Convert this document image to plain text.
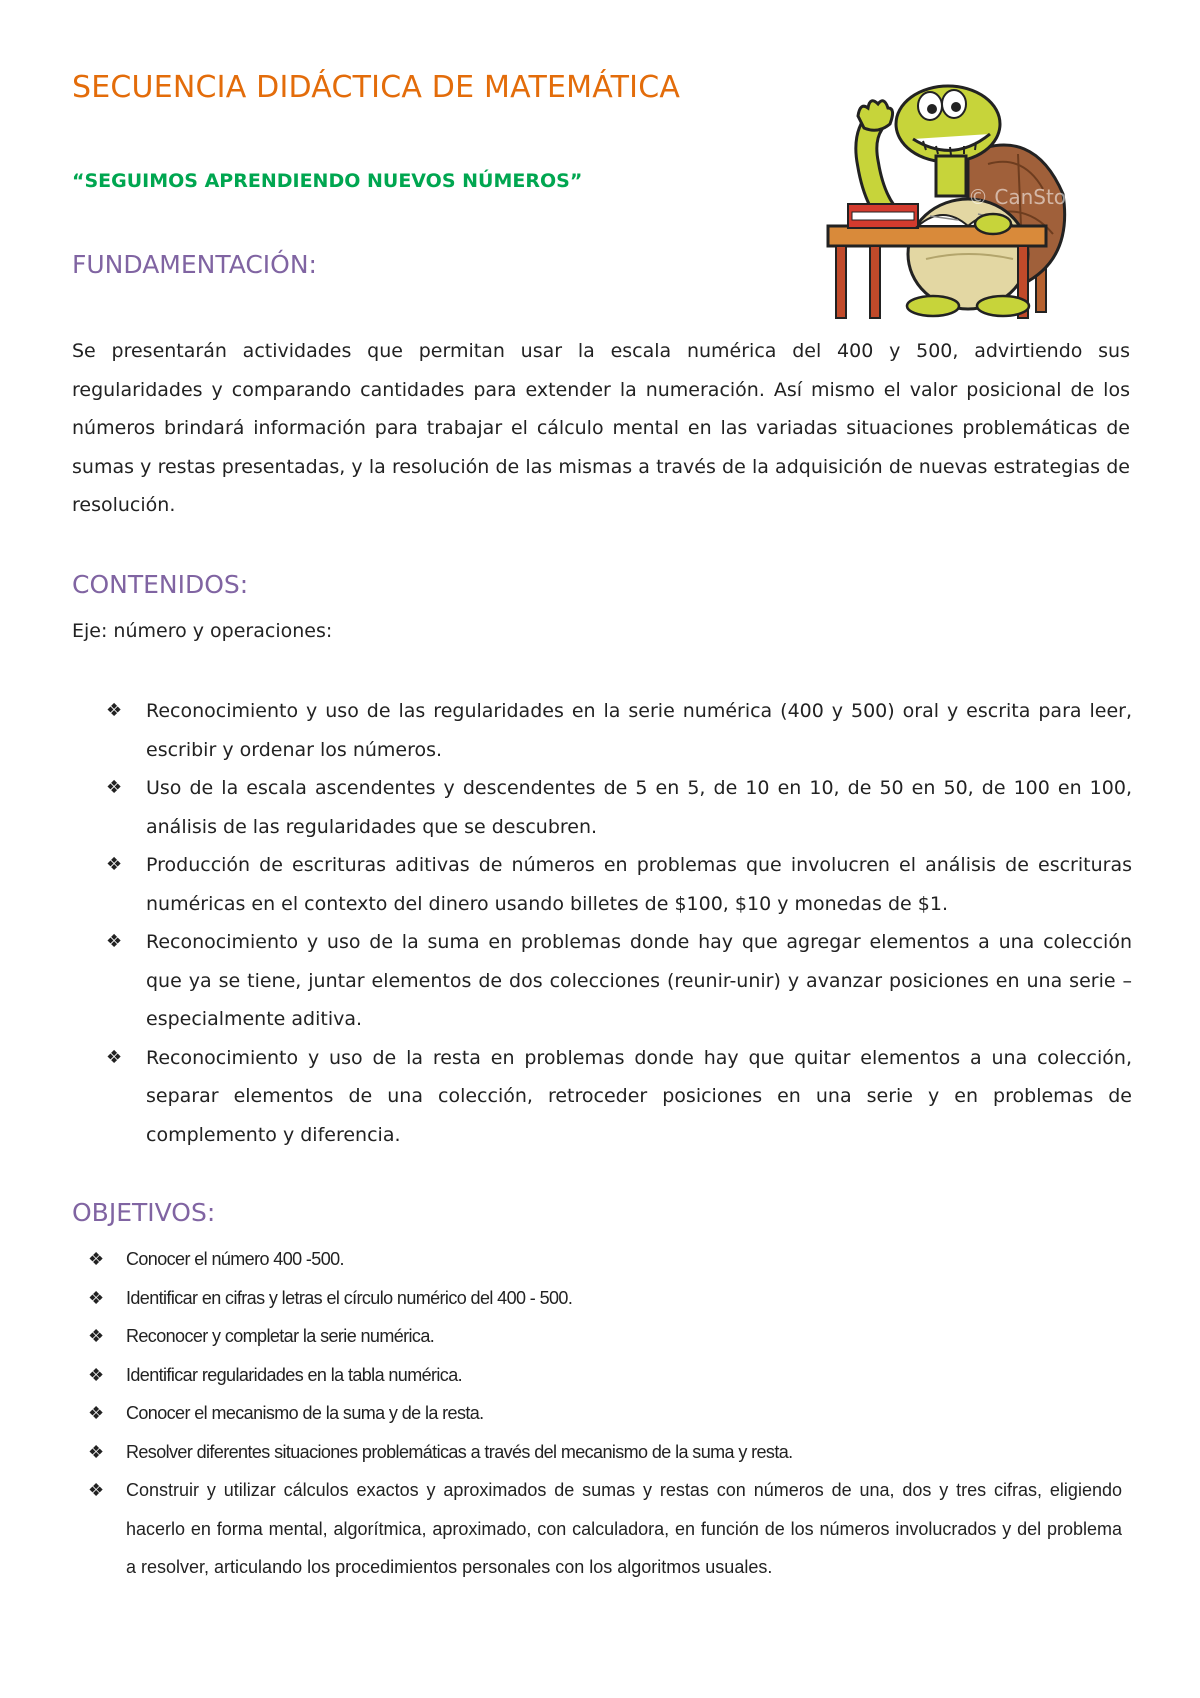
SECUENCIA DIDÁCTICA DE MATEMÁTICA
“SEGUIMOS APRENDIENDO NUEVOS NÚMEROS”
© CanStock
FUNDAMENTACIÓN:
Se presentarán actividades que permitan usar la escala numérica del 400 y 500, advirtiendo sus regularidades y comparando cantidades para extender la numeración. Así mismo el valor posicional de los números brindará información para trabajar el cálculo mental en las variadas situaciones problemáticas de sumas y restas presentadas, y la resolución de las mismas a través de la adquisición de nuevas estrategias de resolución.
CONTENIDOS:
Eje: número y operaciones:
❖ Reconocimiento y uso de las regularidades en la serie numérica (400 y 500) oral y escrita para leer, escribir y ordenar los números.
❖ Uso de la escala ascendentes y descendentes de 5 en 5, de 10 en 10, de 50 en 50, de 100 en 100, análisis de las regularidades que se descubren.
❖ Producción de escrituras aditivas de números en problemas que involucren el análisis de escrituras numéricas en el contexto del dinero usando billetes de $100, $10 y monedas de $1.
❖ Reconocimiento y uso de la suma en problemas donde hay que agregar elementos a una colección que ya se tiene, juntar elementos de dos colecciones (reunir-unir) y avanzar posiciones en una serie – especialmente aditiva.
❖ Reconocimiento y uso de la resta en problemas donde hay que quitar elementos a una colección, separar elementos de una colección, retroceder posiciones en una serie y en problemas de complemento y diferencia.
OBJETIVOS:
❖ Conocer el número 400 -500.
❖ Identificar en cifras y letras el círculo numérico del 400 - 500.
❖ Reconocer y completar la serie numérica.
❖ Identificar regularidades en la tabla numérica.
❖ Conocer el mecanismo de la suma y de la resta.
❖ Resolver diferentes situaciones problemáticas a través del mecanismo de la suma y resta.
❖ Construir y utilizar cálculos exactos y aproximados de sumas y restas con números de una, dos y tres cifras, eligiendo hacerlo en forma mental, algorítmica, aproximado, con calculadora, en función de los números involucrados y del problema a resolver, articulando los procedimientos personales con los algoritmos usuales.
